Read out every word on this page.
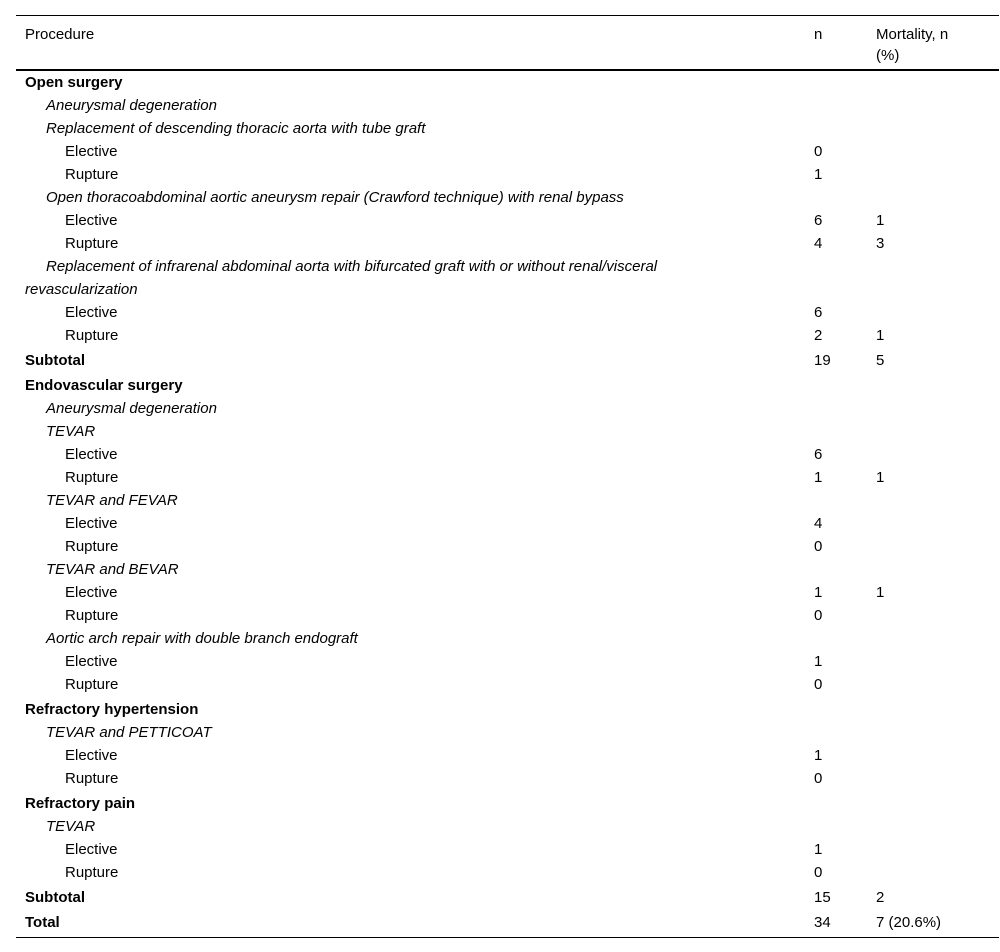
Procedure	n	Mortality, n
(%)
Open surgery
Aneurysmal degeneration
Replacement of descending thoracic aorta with tube graft
Elective	0
Rupture	1
Open thoracoabdominal aortic aneurysm repair (Crawford technique) with renal bypass
Elective	6	1
Rupture	4	3
Replacement of infrarenal abdominal aorta with bifurcated graft with or without renal/visceral
revascularization
Elective	6
Rupture	2	1
Subtotal	19	5
Endovascular surgery
Aneurysmal degeneration
TEVAR
Elective	6
Rupture	1	1
TEVAR and FEVAR
Elective	4
Rupture	0
TEVAR and BEVAR
Elective	1	1
Rupture	0
Aortic arch repair with double branch endograft
Elective	1
Rupture	0
Refractory hypertension
TEVAR and PETTICOAT
Elective	1
Rupture	0
Refractory pain
TEVAR
Elective	1
Rupture	0
Subtotal	15	2
Total	34	7 (20.6%)
